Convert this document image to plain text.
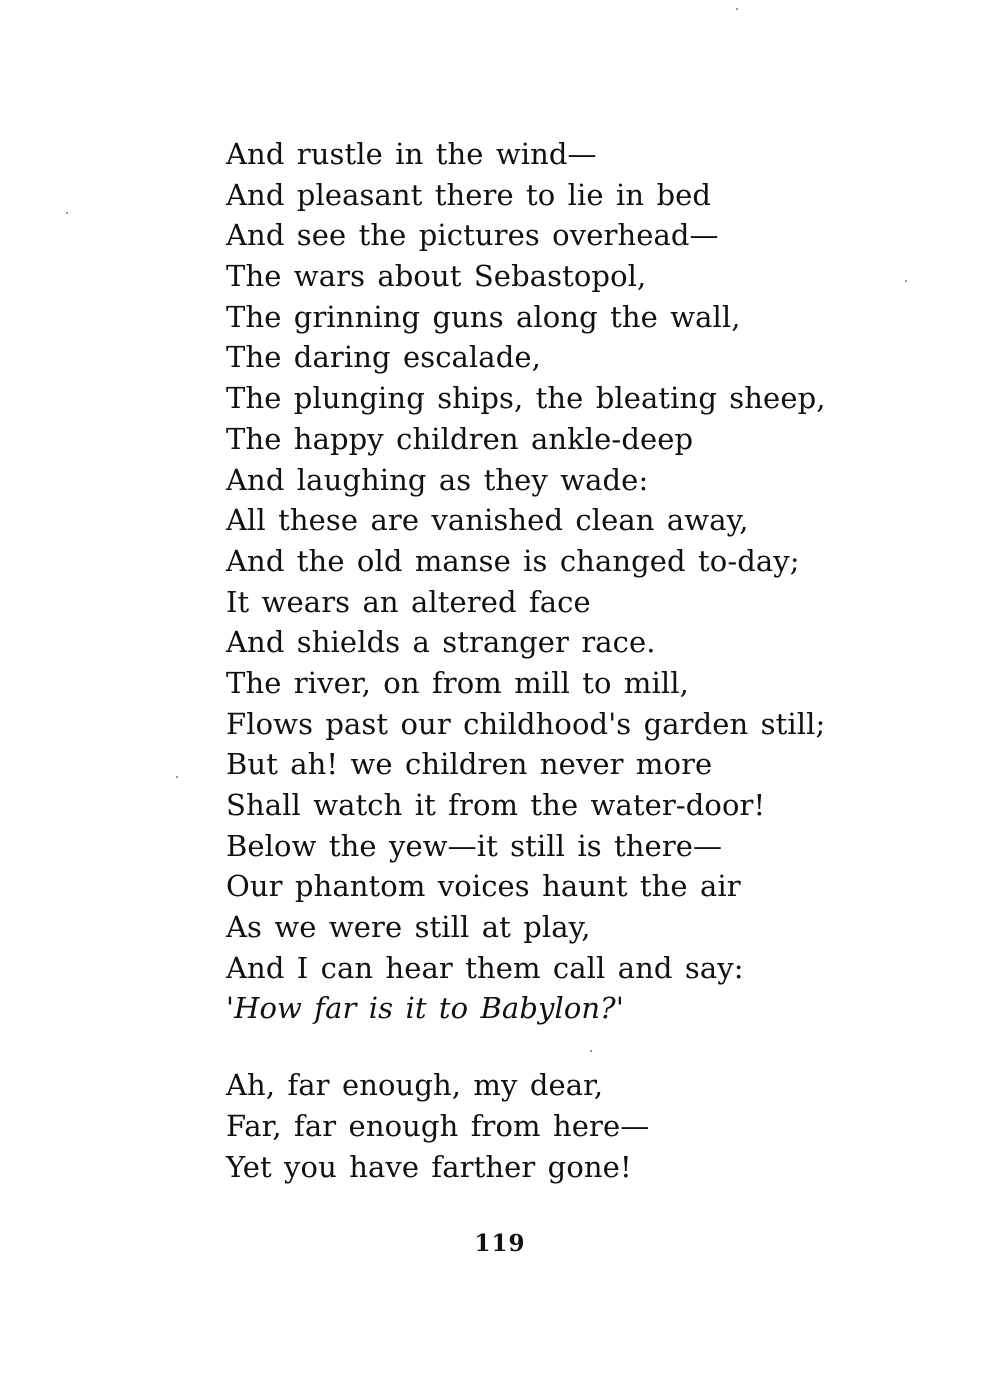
And rustle in the wind—
And pleasant there to lie in bed
And see the pictures overhead—
The wars about Sebastopol,
The grinning guns along the wall,
The daring escalade,
The plunging ships, the bleating sheep,
The happy children ankle-deep
And laughing as they wade:
All these are vanished clean away,
And the old manse is changed to-day;
It wears an altered face
And shields a stranger race.
The river, on from mill to mill,
Flows past our childhood's garden still;
But ah! we children never more
Shall watch it from the water-door!
Below the yew—it still is there—
Our phantom voices haunt the air
As we were still at play,
And I can hear them call and say:
'How far is it to Babylon?'
Ah, far enough, my dear,
Far, far enough from here—
Yet you have farther gone!
119
